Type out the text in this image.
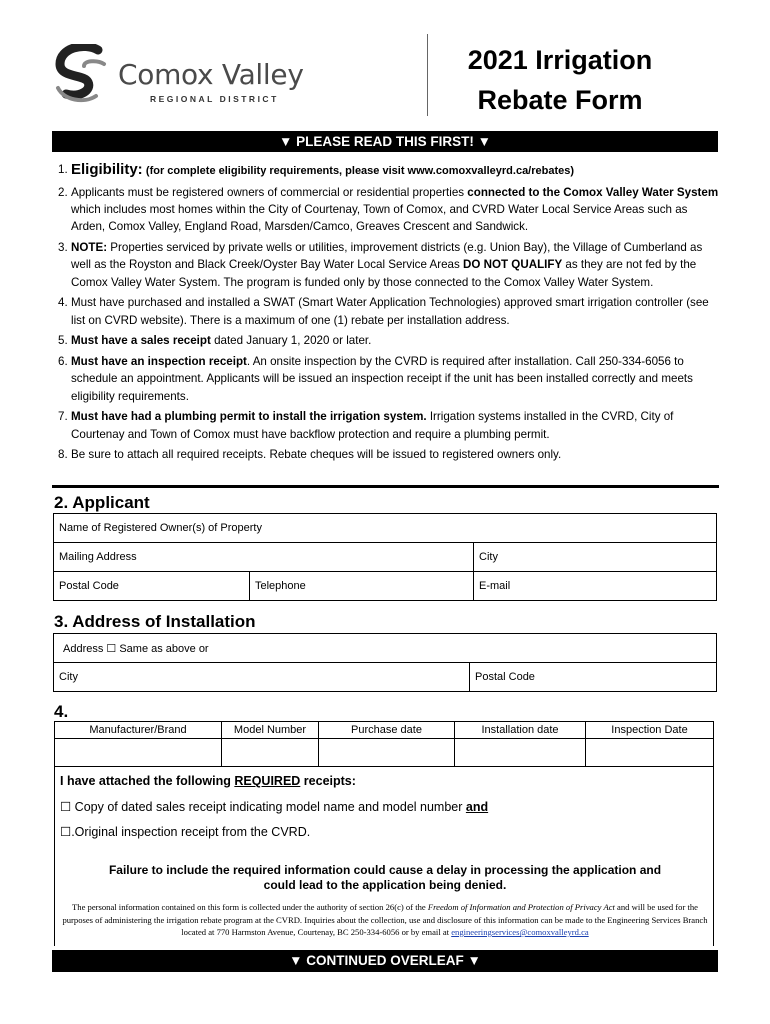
Comox Valley
REGIONAL DISTRICT
2021 Irrigation
Rebate Form
▼ PLEASE READ THIS FIRST! ▼
1. Eligibility: (for complete eligibility requirements, please visit www.comoxvalleyrd.ca/rebates)
2. Applicants must be registered owners of commercial or residential properties connected to the Comox Valley Water System which includes most homes within the City of Courtenay, Town of Comox, and CVRD Water Local Service Areas such as Arden, Comox Valley, England Road, Marsden/Camco, Greaves Crescent and Sandwick.
3. NOTE: Properties serviced by private wells or utilities, improvement districts (e.g. Union Bay), the Village of Cumberland as well as the Royston and Black Creek/Oyster Bay Water Local Service Areas DO NOT QUALIFY as they are not fed by the Comox Valley Water System. The program is funded only by those connected to the Comox Valley Water System.
4. Must have purchased and installed a SWAT (Smart Water Application Technologies) approved smart irrigation controller (see list on CVRD website). There is a maximum of one (1) rebate per installation address.
5. Must have a sales receipt dated January 1, 2020 or later.
6. Must have an inspection receipt. An onsite inspection by the CVRD is required after installation. Call 250-334-6056 to schedule an appointment. Applicants will be issued an inspection receipt if the unit has been installed correctly and meets eligibility requirements.
7. Must have had a plumbing permit to install the irrigation system. Irrigation systems installed in the CVRD, City of Courtenay and Town of Comox must have backflow protection and require a plumbing permit.
8. Be sure to attach all required receipts. Rebate cheques will be issued to registered owners only.
2. Applicant
Name of Registered Owner(s) of Property		
Mailing Address		City
Postal Code	Telephone	E-mail
3. Address of Installation
Address ☐ Same as above or
City	Postal Code
4.
Manufacturer/Brand	Model Number	Purchase date	Installation date	Inspection Date

I have attached the following REQUIRED receipts:
☐ Copy of dated sales receipt indicating model name and model number and
☐.Original inspection receipt from the CVRD.
Failure to include the required information could cause a delay in processing the application and
could lead to the application being denied.
The personal information contained on this form is collected under the authority of section 26(c) of the Freedom of Information and Protection of Privacy Act and will be used for the purposes of administering the irrigation rebate program at the CVRD. Inquiries about the collection, use and disclosure of this information can be made to the Engineering Services Branch located at 770 Harmston Avenue, Courtenay, BC 250-334-6056 or by email at engineeringservices@comoxvalleyrd.ca
▼ CONTINUED OVERLEAF ▼
